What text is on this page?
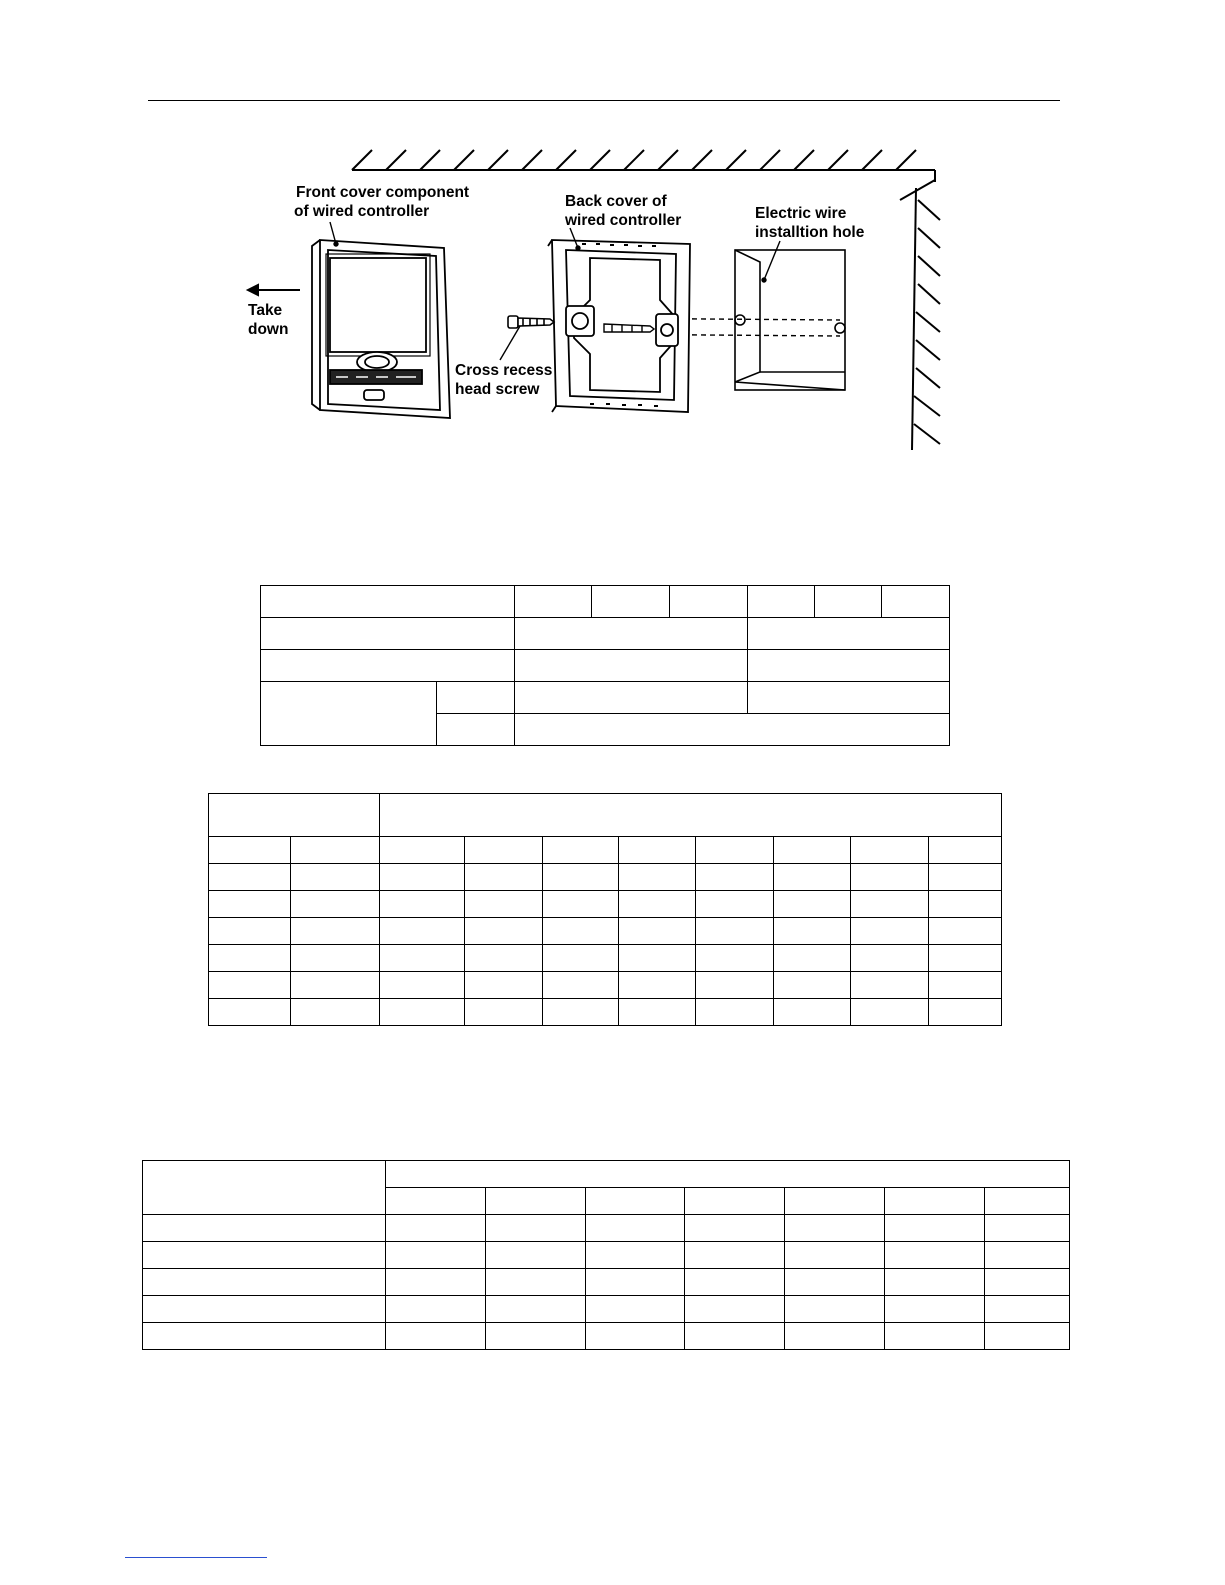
Front cover component of wired controller
Take down
Back cover of wired controller	Electric wire installtion hole
Cross recess head screw
